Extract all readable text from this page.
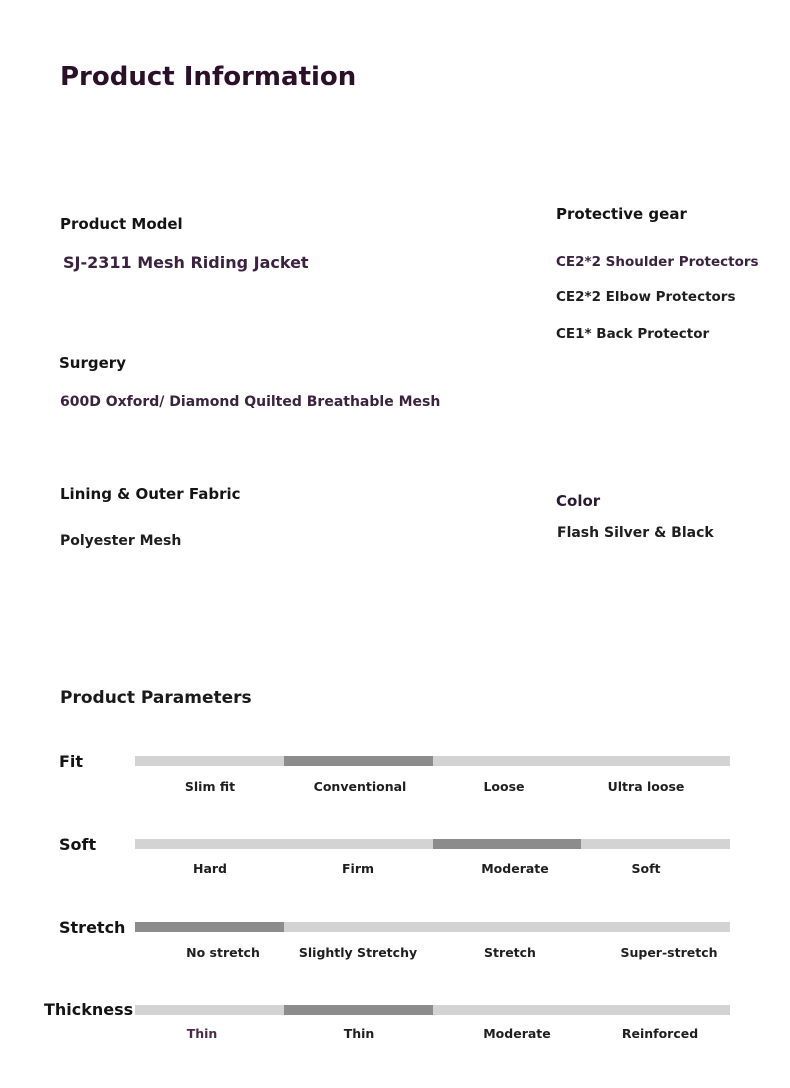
Product Information
Product Model
SJ-2311 Mesh Riding Jacket
Surgery
600D Oxford/ Diamond Quilted Breathable Mesh
Lining & Outer Fabric
Polyester Mesh
Protective gear
CE2*2 Shoulder Protectors
CE2*2 Elbow Protectors
CE1* Back Protector
Color
Flash Silver & Black
Product Parameters
Fit
Slim fit	Conventional	Loose	Ultra loose
Soft
Hard	Firm	Moderate	Soft
Stretch
No stretch	Slightly Stretchy	Stretch	Super-stretch
Thickness
Thin	Thin	Moderate	Reinforced
